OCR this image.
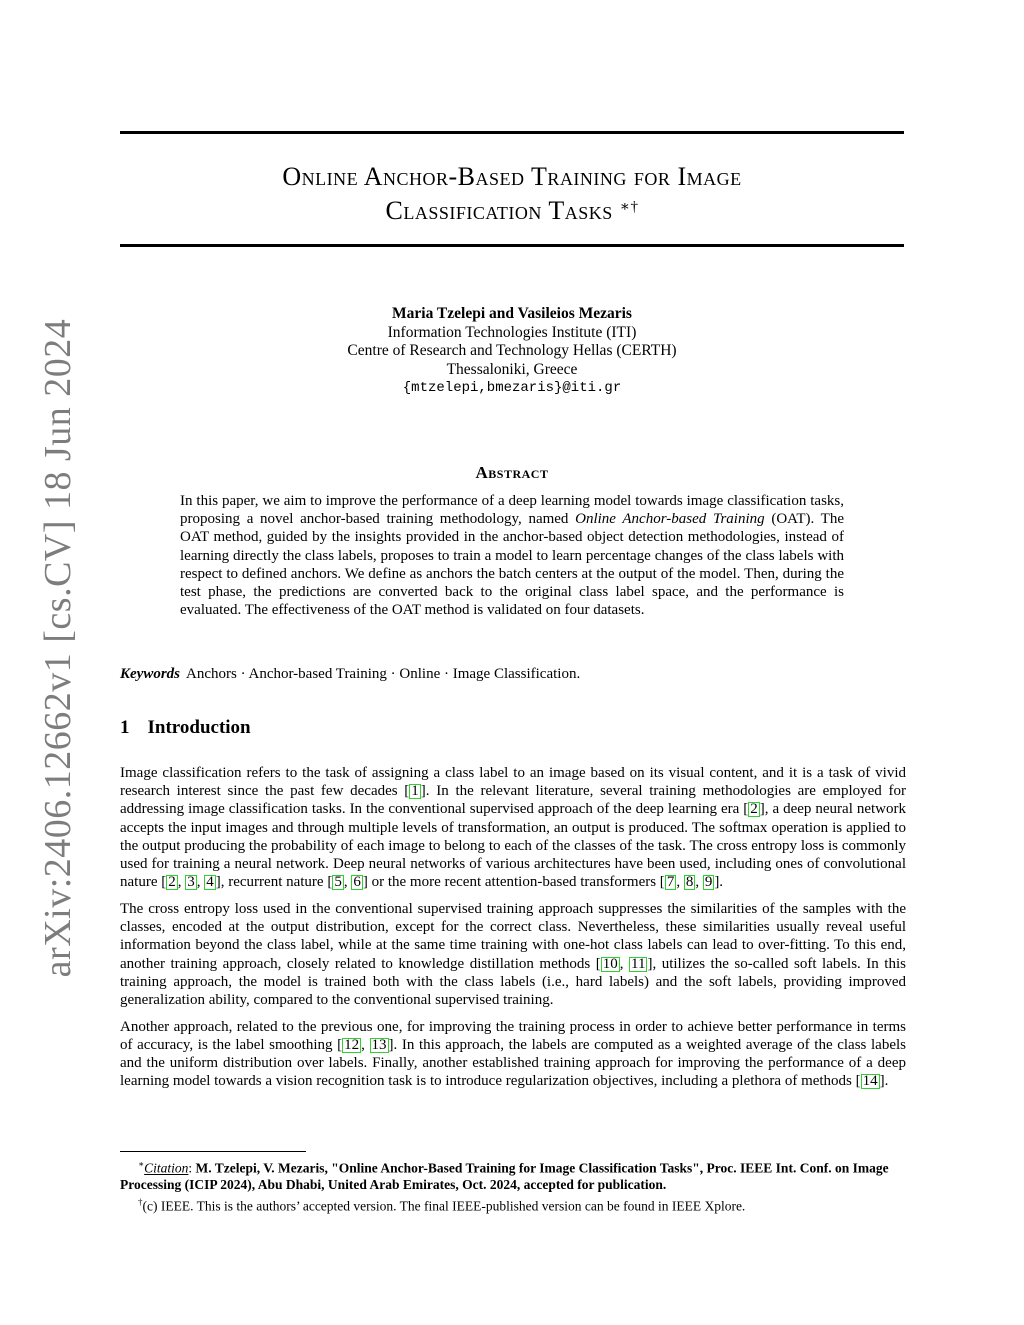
arXiv:2406.12662v1 [cs.CV] 18 Jun 2024
Online Anchor-Based Training for Image
Classification Tasks ∗†
Maria Tzelepi and Vasileios Mezaris
Information Technologies Institute (ITI)
Centre of Research and Technology Hellas (CERTH)
Thessaloniki, Greece
{mtzelepi,bmezaris}@iti.gr
Abstract
In this paper, we aim to improve the performance of a deep learning model towards image classification tasks, proposing a novel anchor-based training methodology, named Online Anchor-based Training (OAT). The OAT method, guided by the insights provided in the anchor-based object detection methodologies, instead of learning directly the class labels, proposes to train a model to learn percentage changes of the class labels with respect to defined anchors. We define as anchors the batch centers at the output of the model. Then, during the test phase, the predictions are converted back to the original class label space, and the performance is evaluated. The effectiveness of the OAT method is validated on four datasets.
Keywords Anchors · Anchor-based Training · Online · Image Classification.
1 Introduction

Image classification refers to the task of assigning a class label to an image based on its visual content, and it is a task of vivid research interest since the past few decades [ 1 ]. In the relevant literature, several training methodologies are employed for addressing image classification tasks. In the conventional supervised approach of the deep learning era [ 2 ], a deep neural network accepts the input images and through multiple levels of transformation, an output is produced. The softmax operation is applied to the output producing the probability of each image to belong to each of the classes of the task. The cross entropy loss is commonly used for training a neural network. Deep neural networks of various architectures have been used, including ones of convolutional nature [ 2 , 3 , 4 ], recurrent nature [ 5 , 6 ] or the more recent attention-based transformers [ 7 , 8 , 9 ].

The cross entropy loss used in the conventional supervised training approach suppresses the similarities of the samples with the classes, encoded at the output distribution, except for the correct class. Nevertheless, these similarities usually reveal useful information beyond the class label, while at the same time training with one-hot class labels can lead to over-fitting. To this end, another training approach, closely related to knowledge distillation methods [ 10 , 11 ], utilizes the so-called soft labels. In this training approach, the model is trained both with the class labels (i.e., hard labels) and the soft labels, providing improved generalization ability, compared to the conventional supervised training.

Another approach, related to the previous one, for improving the training process in order to achieve better performance in terms of accuracy, is the label smoothing [ 12 , 13 ]. In this approach, the labels are computed as a weighted average of the class labels and the uniform distribution over labels. Finally, another established training approach for improving the performance of a deep learning model towards a vision recognition task is to introduce regularization objectives, including a plethora of methods [ 14 ].

∗Citation: M. Tzelepi, V. Mezaris, "Online Anchor-Based Training for Image Classification Tasks", Proc. IEEE Int. Conf. on Image Processing (ICIP 2024), Abu Dhabi, United Arab Emirates, Oct. 2024, accepted for publication.

†(c) IEEE. This is the authors’ accepted version. The final IEEE-published version can be found in IEEE Xplore.
